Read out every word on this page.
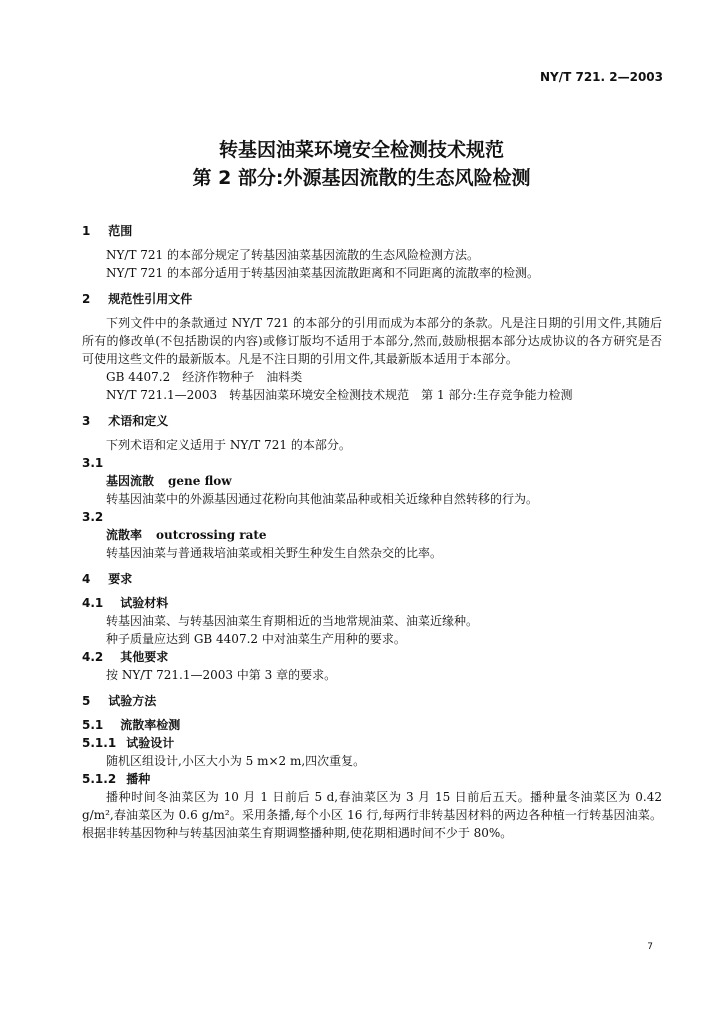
NY/T 721. 2—2003
转基因油菜环境安全检测技术规范
第 2 部分:外源基因流散的生态风险检测
1 范围

NY/T 721 的本部分规定了转基因油菜基因流散的生态风险检测方法。

NY/T 721 的本部分适用于转基因油菜基因流散距离和不同距离的流散率的检测。

2 规范性引用文件

下列文件中的条款通过 NY/T 721 的本部分的引用而成为本部分的条款。凡是注日期的引用文件,其随后所有的修改单(不包括勘误的内容)或修订版均不适用于本部分,然而,鼓励根据本部分达成协议的各方研究是否可使用这些文件的最新版本。凡是不注日期的引用文件,其最新版本适用于本部分。

GB 4407.2　经济作物种子　油料类

NY/T 721.1—2003　转基因油菜环境安全检测技术规范　第 1 部分:生存竞争能力检测

3 术语和定义

下列术语和定义适用于 NY/T 721 的本部分。

3.1

基因流散 gene flow

转基因油菜中的外源基因通过花粉向其他油菜品种或相关近缘种自然转移的行为。

3.2

流散率 outcrossing rate

转基因油菜与普通栽培油菜或相关野生种发生自然杂交的比率。

4 要求
4.1 试验材料

转基因油菜、与转基因油菜生育期相近的当地常规油菜、油菜近缘种。

种子质量应达到 GB 4407.2 中对油菜生产用种的要求。

4.2 其他要求

按 NY/T 721.1—2003 中第 3 章的要求。

5 试验方法
5.1 流散率检测
5.1.1 试验设计

随机区组设计,小区大小为 5 m×2 m,四次重复。

5.1.2 播种

播种时间冬油菜区为 10 月 1 日前后 5 d,春油菜区为 3 月 15 日前后五天。播种量冬油菜区为 0.42 g/m²,春油菜区为 0.6 g/m²。采用条播,每个小区 16 行,每两行非转基因材料的两边各种植一行转基因油菜。根据非转基因物种与转基因油菜生育期调整播种期,使花期相遇时间不少于 80%。

7
